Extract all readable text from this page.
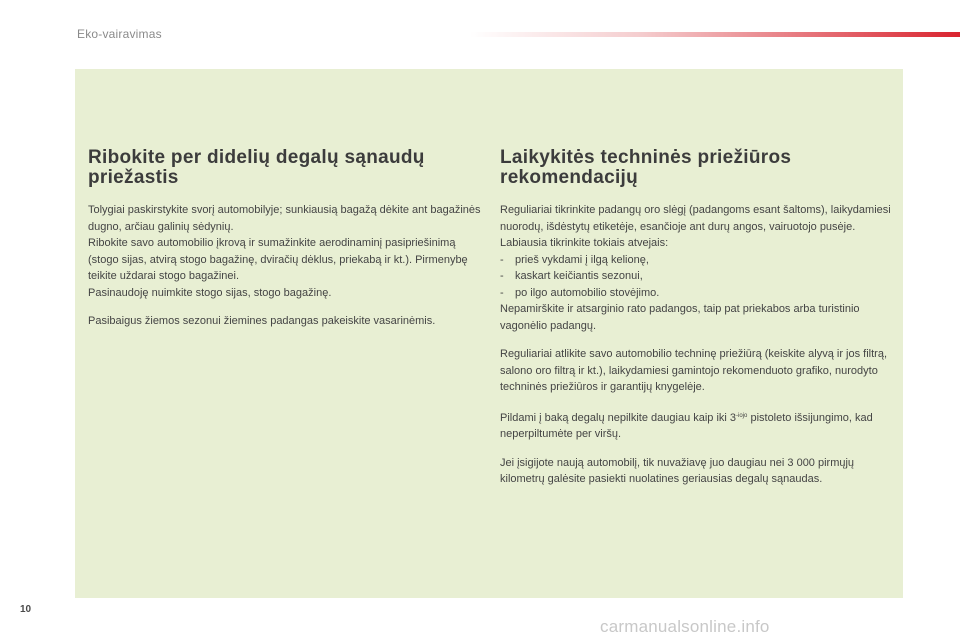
Eko-vairavimas
Ribokite per didelių degalų sąnaudų priežastis

Tolygiai paskirstykite svorį automobilyje; sunkiausią bagažą dėkite ant bagažinės dugno, arčiau galinių sėdynių.
Ribokite savo automobilio įkrovą ir sumažinkite aerodinaminį pasipriešinimą (stogo sijas, atvirą stogo bagažinę, dviračių dėklus, priekabą ir kt.). Pirmenybę teikite uždarai stogo bagažinei.
Pasinaudoję nuimkite stogo sijas, stogo bagažinę.

Pasibaigus žiemos sezonui žiemines padangas pakeiskite vasarinėmis.

Laikykitės techninės priežiūros rekomendacijų

Reguliariai tikrinkite padangų oro slėgį (padangoms esant šaltoms), laikydamiesi nuorodų, išdėstytų etiketėje, esančioje ant durų angos, vairuotojo pusėje.

Labiausia tikrinkite tokiais atvejais:

-	prieš vykdami į ilgą kelionę,

-	kaskart keičiantis sezonui,

-	po ilgo automobilio stovėjimo.

Nepamirškite ir atsarginio rato padangos, taip pat priekabos arba turistinio vagonėlio padangų.

Reguliariai atlikite savo automobilio techninę priežiūrą (keiskite alyvą ir jos filtrą, salono oro filtrą ir kt.), laikydamiesi gamintojo rekomenduoto grafiko, nurodyto techninės priežiūros ir garantijų knygelėje.

Pildami į baką degalų nepilkite daugiau kaip iki $3^{-iojo}$ pistoleto išsijungimo, kad neperpiltumėte per viršų.

Jei įsigijote naują automobilį, tik nuvažiavę juo daugiau nei 3 000 pirmųjų kilometrų galėsite pasiekti nuolatines geriausias degalų sąnaudas.

10
carmanualsonline.info
